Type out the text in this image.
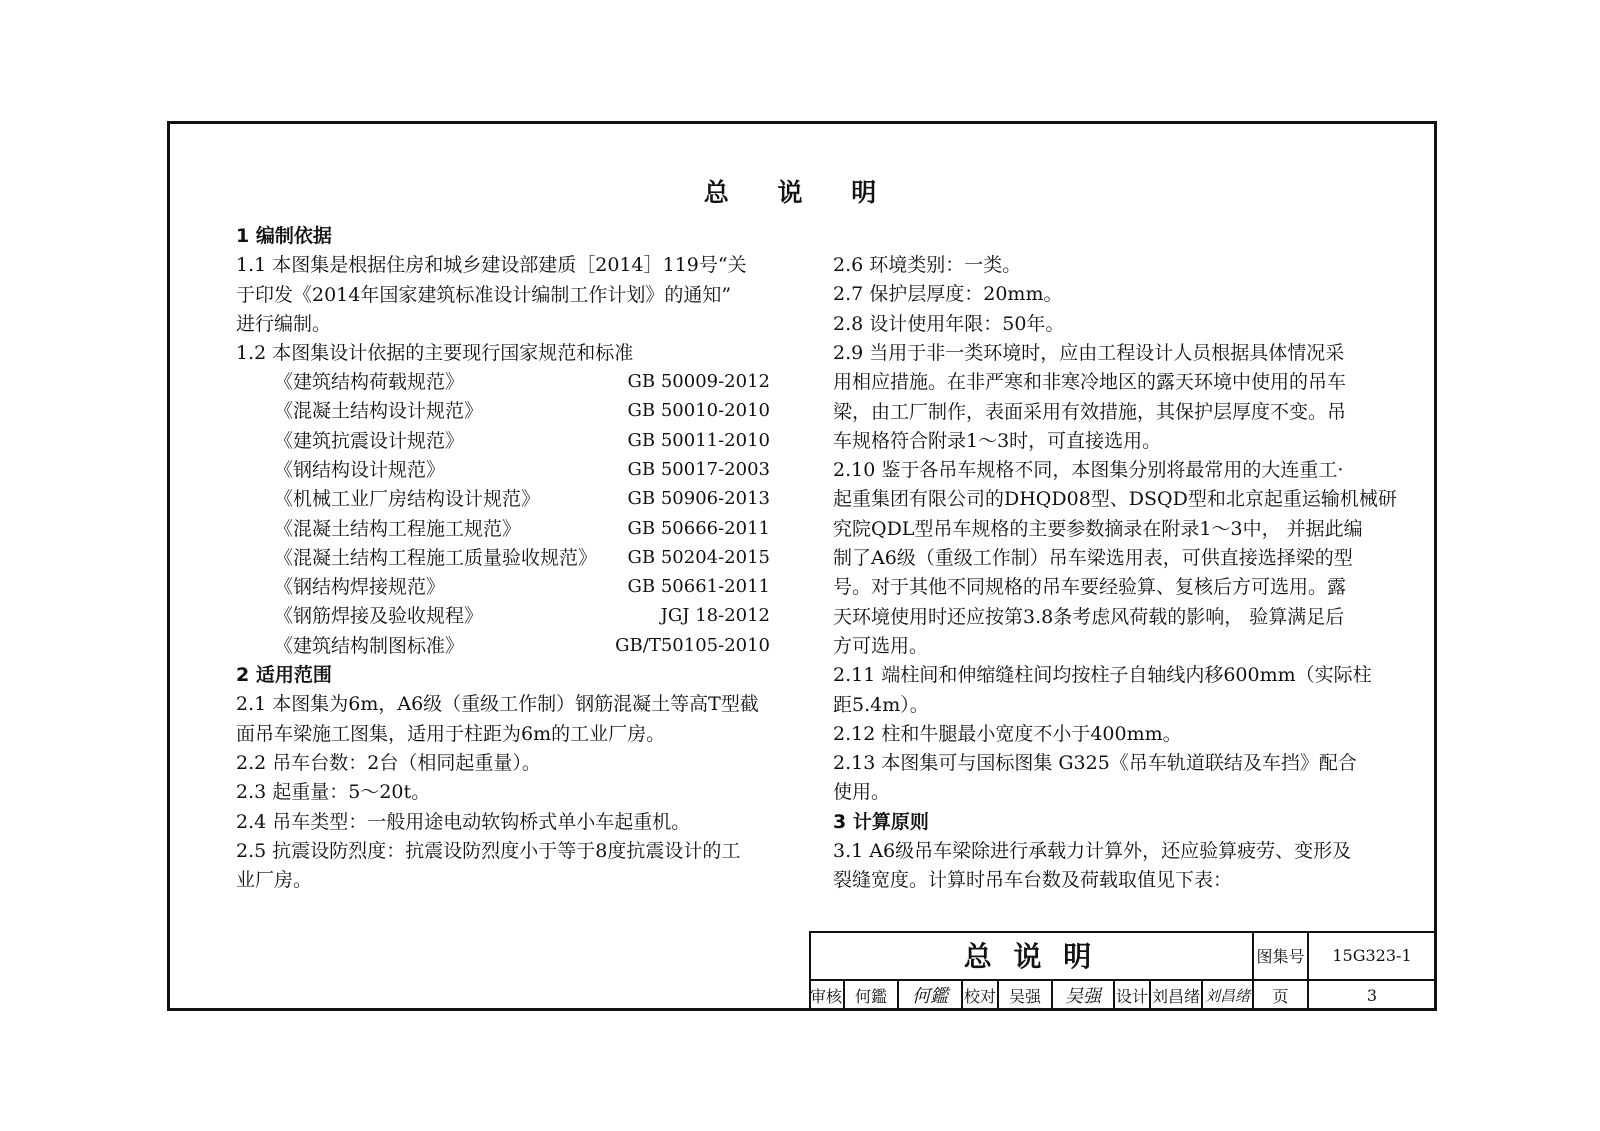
总 说 明

1 编制依据

1.1 本图集是根据住房和城乡建设部建质［2014］119号“关

于印发《2014年国家建筑标准设计编制工作计划》的通知”

进行编制。

1.2 本图集设计依据的主要现行国家规范和标准

《建筑结构荷载规范》	GB 50009-2012

《混凝土结构设计规范》	GB 50010-2010

《建筑抗震设计规范》	GB 50011-2010

《钢结构设计规范》	GB 50017-2003

《机械工业厂房结构设计规范》	GB 50906-2013

《混凝土结构工程施工规范》	GB 50666-2011

《混凝土结构工程施工质量验收规范》	GB 50204-2015

《钢结构焊接规范》	GB 50661-2011

《钢筋焊接及验收规程》	JGJ 18-2012

《建筑结构制图标准》	GB/T50105-2010

2 适用范围

2.1 本图集为6m，A6级（重级工作制）钢筋混凝土等高T型截

面吊车梁施工图集，适用于柱距为6m的工业厂房。

2.2 吊车台数：2台（相同起重量）。

2.3 起重量：5～20t。

2.4 吊车类型：一般用途电动软钩桥式单小车起重机。

2.5 抗震设防烈度：抗震设防烈度小于等于8度抗震设计的工

业厂房。

2.6 环境类别：一类。

2.7 保护层厚度：20mm。

2.8 设计使用年限：50年。

2.9 当用于非一类环境时，应由工程设计人员根据具体情况采

用相应措施。在非严寒和非寒冷地区的露天环境中使用的吊车

梁，由工厂制作，表面采用有效措施，其保护层厚度不变。吊

车规格符合附录1～3时，可直接选用。

2.10 鉴于各吊车规格不同，本图集分别将最常用的大连重工·

起重集团有限公司的DHQD08型、DSQD型和北京起重运输机械研

究院QDL型吊车规格的主要参数摘录在附录1～3中， 并据此编

制了A6级（重级工作制）吊车梁选用表，可供直接选择梁的型

号。对于其他不同规格的吊车要经验算、复核后方可选用。露

天环境使用时还应按第3.8条考虑风荷载的影响， 验算满足后

方可选用。

2.11 端柱间和伸缩缝柱间均按柱子自轴线内移600mm（实际柱

距5.4m）。

2.12 柱和牛腿最小宽度不小于400mm。

2.13 本图集可与国标图集 G325《吊车轨道联结及车挡》配合

使用。

3 计算原则

3.1 A6级吊车梁除进行承载力计算外，还应验算疲劳、变形及

裂缝宽度。计算时吊车台数及荷载取值见下表：

总 说 明	图集号 15G323-1
审核 何鑑 何鑑 校对 吴强 吴强 设计 刘昌绪 刘昌绪 页	3
